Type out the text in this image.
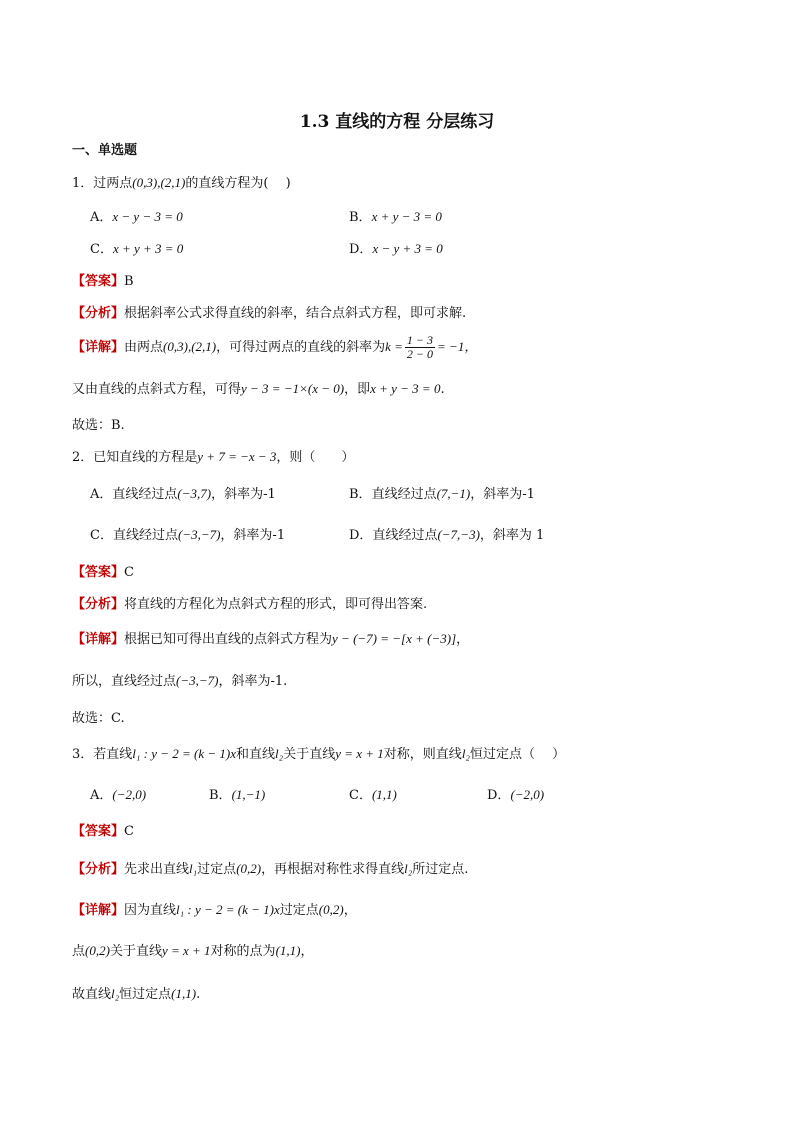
1.3 直线的方程 分层练习
一、单选题
1．过两点(0,3),(2,1)的直线方程为(　 )
A．x − y − 3 = 0	B．x + y − 3 = 0
C．x + y + 3 = 0	D．x − y + 3 = 0
【答案】B
【分析】根据斜率公式求得直线的斜率，结合点斜式方程，即可求解.
【详解】由两点(0,3),(2,1)，可得过两点的直线的斜率为$k = \frac{1 - 3}{2 - 0} = -1$，
又由直线的点斜式方程，可得y − 3 = −1×(x − 0)，即x + y − 3 = 0.
故选：B.
2．已知直线的方程是y + 7 = −x − 3，则（　　）
A．直线经过点(−3,7)，斜率为-1	B．直线经过点(7,−1)，斜率为-1
C．直线经过点(−3,−7)，斜率为-1	D．直线经过点(−7,−3)，斜率为 1
【答案】C
【分析】将直线的方程化为点斜式方程的形式，即可得出答案.
【详解】根据已知可得出直线的点斜式方程为y − (−7) = −[x + (−3)]，
所以，直线经过点(−3,−7)，斜率为-1.
故选：C.
3．若直线l₁ : y − 2 = (k − 1)x和直线l₂关于直线y = x + 1对称，则直线l₂恒过定点（　 ）
A．(−2,0)	B．(1,−1)	C．(1,1)	D．(−2,0)
【答案】C
【分析】先求出直线l₁过定点(0,2)，再根据对称性求得直线l₂所过定点.
【详解】因为直线l₁ : y − 2 = (k − 1)x过定点(0,2)，
点(0,2)关于直线y = x + 1对称的点为(1,1)，
故直线l₂恒过定点(1,1).
